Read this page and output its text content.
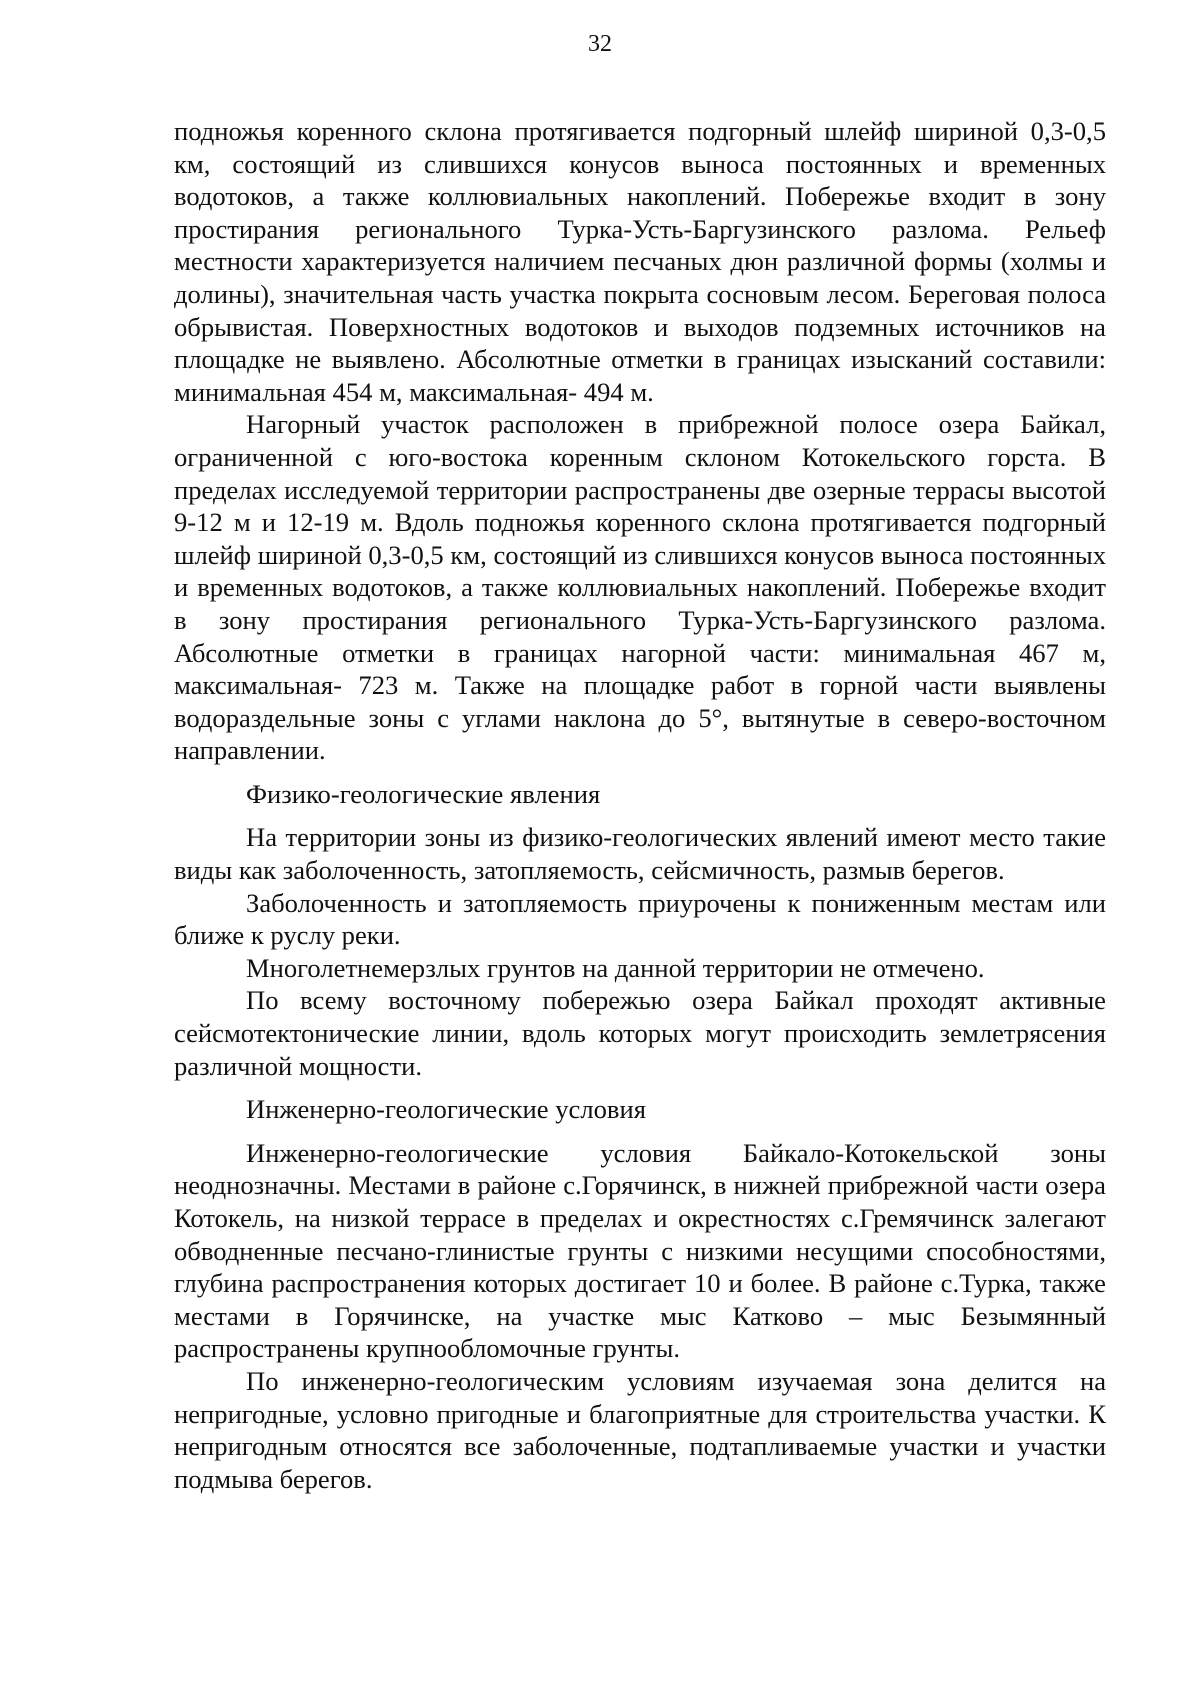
32

подножья коренного склона протягивается подгорный шлейф шириной 0,3-0,5 км, состоящий из слившихся конусов выноса постоянных и временных водотоков, а также коллювиальных накоплений. Побережье входит в зону простирания регионального Турка-Усть-Баргузинского разлома. Рельеф местности характеризуется наличием песчаных дюн различной формы (холмы и долины), значительная часть участка покрыта сосновым лесом. Береговая полоса обрывистая. Поверхностных водотоков и выходов подземных источников на площадке не выявлено. Абсолютные отметки в границах изысканий составили: минимальная 454 м, максимальная- 494 м.

Нагорный участок расположен в прибрежной полосе озера Байкал, ограниченной с юго-востока коренным склоном Котокельского горста. В пределах исследуемой территории распространены две озерные террасы высотой 9-12 м и 12-19 м. Вдоль подножья коренного склона протягивается подгорный шлейф шириной 0,3-0,5 км, состоящий из слившихся конусов выноса постоянных и временных водотоков, а также коллювиальных накоплений. Побережье входит в зону простирания регионального Турка-Усть-Баргузинского разлома. Абсолютные отметки в границах нагорной части: минимальная 467 м, максимальная- 723 м. Также на площадке работ в горной части выявлены водораздельные зоны с углами наклона до 5°, вытянутые в северо-восточном направлении.

Физико-геологические явления

На территории зоны из физико-геологических явлений имеют место такие виды как заболоченность, затопляемость, сейсмичность, размыв берегов.

Заболоченность и затопляемость приурочены к пониженным местам или ближе к руслу реки.

Многолетнемерзлых грунтов на данной территории не отмечено.

По всему восточному побережью озера Байкал проходят активные сейсмотектонические линии, вдоль которых могут происходить землетрясения различной мощности.

Инженерно-геологические условия

Инженерно-геологические условия Байкало-Котокельской зоны неоднозначны. Местами в районе с.Горячинск, в нижней прибрежной части озера Котокель, на низкой террасе в пределах и окрестностях с.Гремячинск залегают обводненные песчано-глинистые грунты с низкими несущими способностями, глубина распространения которых достигает 10 и более. В районе с.Турка, также местами в Горячинске, на участке мыс Катково – мыс Безымянный распространены крупнообломочные грунты.

По инженерно-геологическим условиям изучаемая зона делится на непригодные, условно пригодные и благоприятные для строительства участки. К непригодным относятся все заболоченные, подтапливаемые участки и участки подмыва берегов.
